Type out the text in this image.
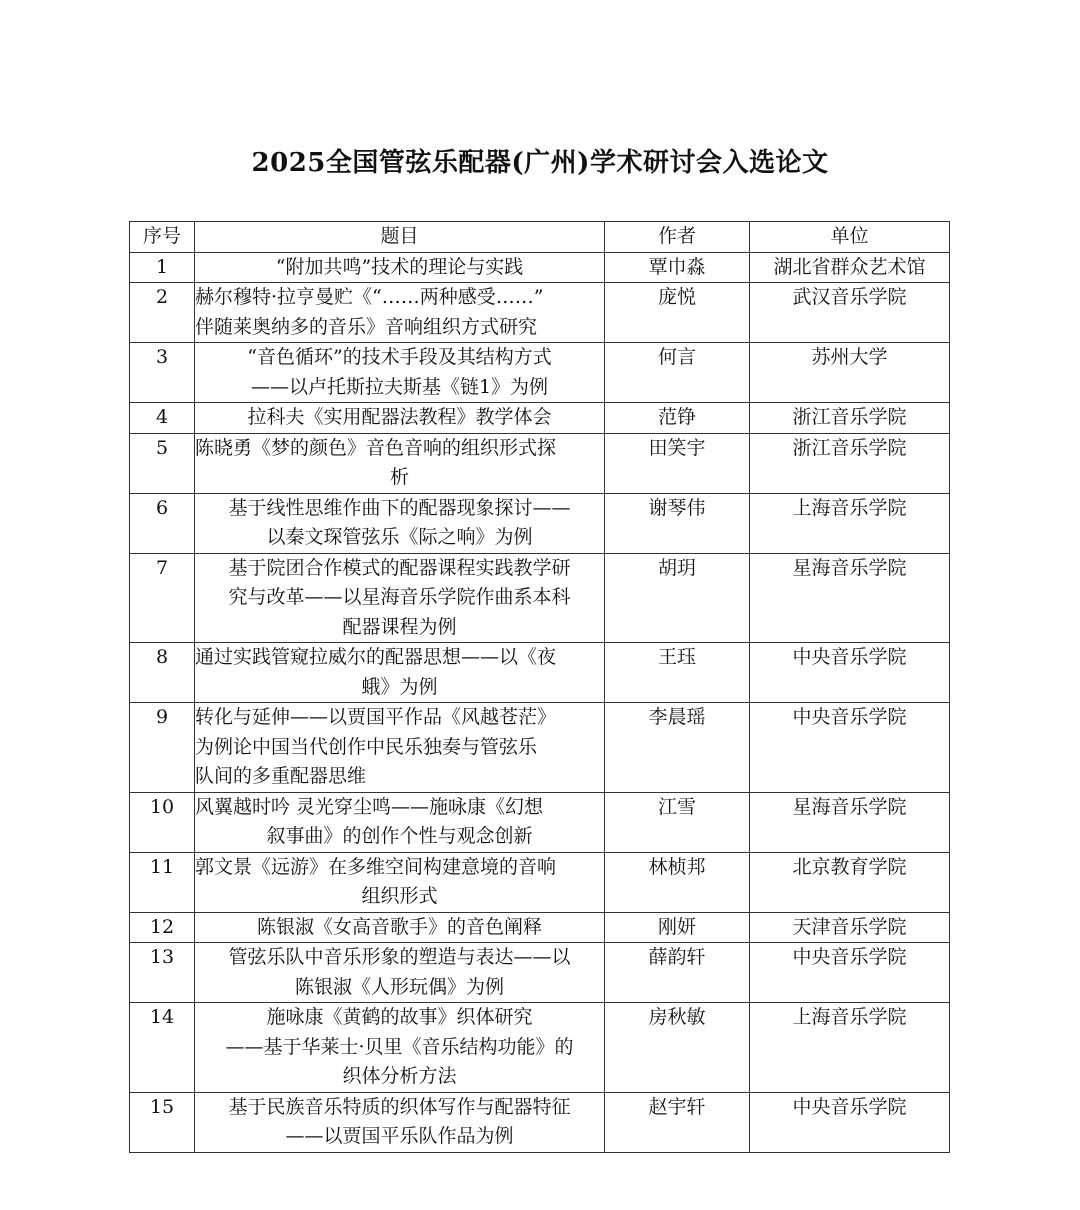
2025全国管弦乐配器(广州)学术研讨会入选论文
序号	题目	作者	单位
1	“附加共鸣”技术的理论与实践	覃巾淼	湖北省群众艺术馆
2	赫尔穆特·拉亨曼贮《“……两种感受……”
伴随莱奥纳多的音乐》音响组织方式研究	庞悦	武汉音乐学院
3	“音色循环”的技术手段及其结构方式
——以卢托斯拉夫斯基《链1》为例	何言	苏州大学
4	拉科夫《实用配器法教程》教学体会	范铮	浙江音乐学院
5	陈晓勇《梦的颜色》音色音响的组织形式探
析	田笑宇	浙江音乐学院
6	基于线性思维作曲下的配器现象探讨——
以秦文琛管弦乐《际之响》为例	谢琴伟	上海音乐学院
7	基于院团合作模式的配器课程实践教学研
究与改革——以星海音乐学院作曲系本科
配器课程为例	胡玥	星海音乐学院
8	通过实践管窥拉威尔的配器思想——以《夜
蛾》为例	王珏	中央音乐学院
9	转化与延伸——以贾国平作品《风越苍茫》
为例论中国当代创作中民乐独奏与管弦乐
队间的多重配器思维	李晨瑶	中央音乐学院
10	风翼越时吟 灵光穿尘鸣——施咏康《幻想
叙事曲》的创作个性与观念创新	江雪	星海音乐学院
11	郭文景《远游》在多维空间构建意境的音响
组织形式	林桢邦	北京教育学院
12	陈银淑《女高音歌手》的音色阐释	刚妍	天津音乐学院
13	管弦乐队中音乐形象的塑造与表达——以
陈银淑《人形玩偶》为例	薛韵轩	中央音乐学院
14	施咏康《黄鹤的故事》织体研究
——基于华莱士·贝里《音乐结构功能》的
织体分析方法	房秋敏	上海音乐学院
15	基于民族音乐特质的织体写作与配器特征
——以贾国平乐队作品为例	赵宇轩	中央音乐学院
